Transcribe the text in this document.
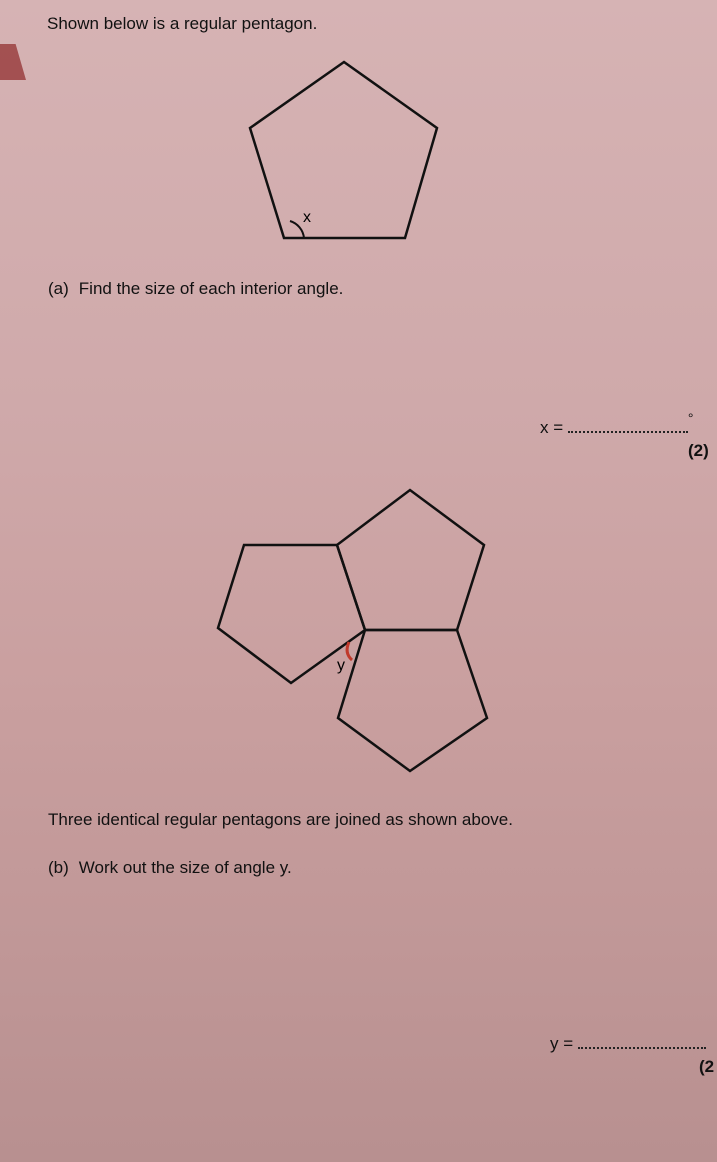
Shown below is a regular pentagon.
x
y
(a) Find the size of each interior angle.
x =	°
(2)
Three identical regular pentagons are joined as shown above.
(b) Work out the size of angle y.
y =
(2
